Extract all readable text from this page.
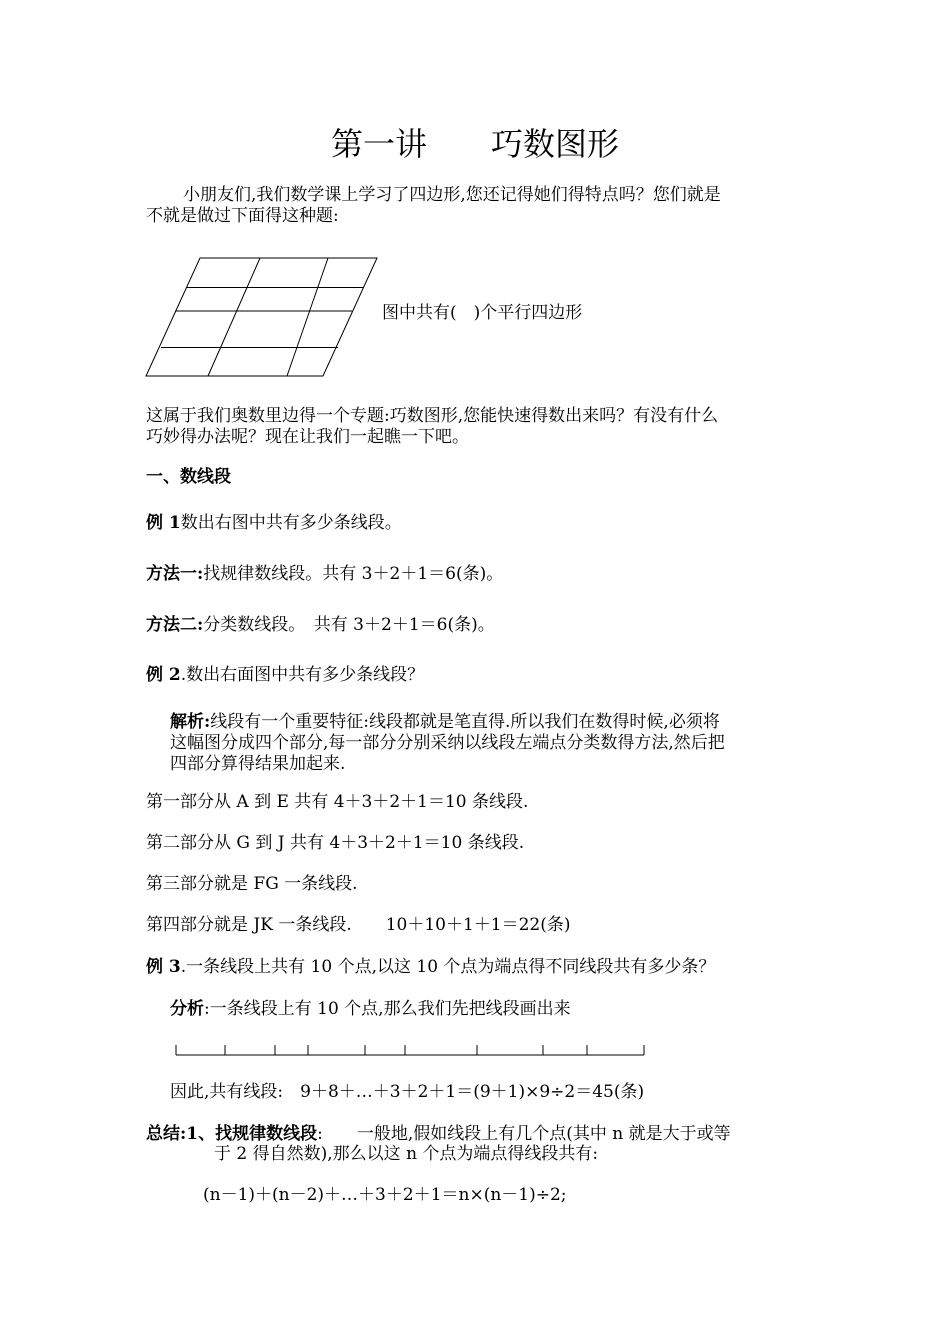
第一讲 巧数图形
小朋友们,我们数学课上学习了四边形,您还记得她们得特点吗？您们就是
不就是做过下面得这种题:
图中共有(　)个平行四边形
这属于我们奥数里边得一个专题:巧数图形,您能快速得数出来吗？有没有什么
巧妙得办法呢？现在让我们一起瞧一下吧。
一、数线段
例 1数出右图中共有多少条线段。
方法一:找规律数线段。共有 3＋2＋1＝6(条)。
方法二:分类数线段。　共有 3＋2＋1＝6(条)。
例 2.数出右面图中共有多少条线段？
解析:线段有一个重要特征:线段都就是笔直得.所以我们在数得时候,必须将
这幅图分成四个部分,每一部分分别采纳以线段左端点分类数得方法,然后把
四部分算得结果加起来.
第一部分从 A 到 E 共有 4＋3＋2＋1＝10 条线段.
第二部分从 G 到 J 共有 4＋3＋2＋1＝10 条线段.
第三部分就是 FG 一条线段.
第四部分就是 JK 一条线段.　　10＋10＋1＋1＝22(条)
例 3.一条线段上共有 10 个点,以这 10 个点为端点得不同线段共有多少条？
分析:一条线段上有 10 个点,那么我们先把线段画出来
因此,共有线段:　9＋8＋…＋3＋2＋1＝(9＋1)×9÷2＝45(条)
总结:1、找规律数线段:　　一般地,假如线段上有几个点(其中 n 就是大于或等
于 2 得自然数),那么以这 n 个点为端点得线段共有:
(n－1)＋(n－2)＋…＋3＋2＋1＝n×(n－1)÷2;
